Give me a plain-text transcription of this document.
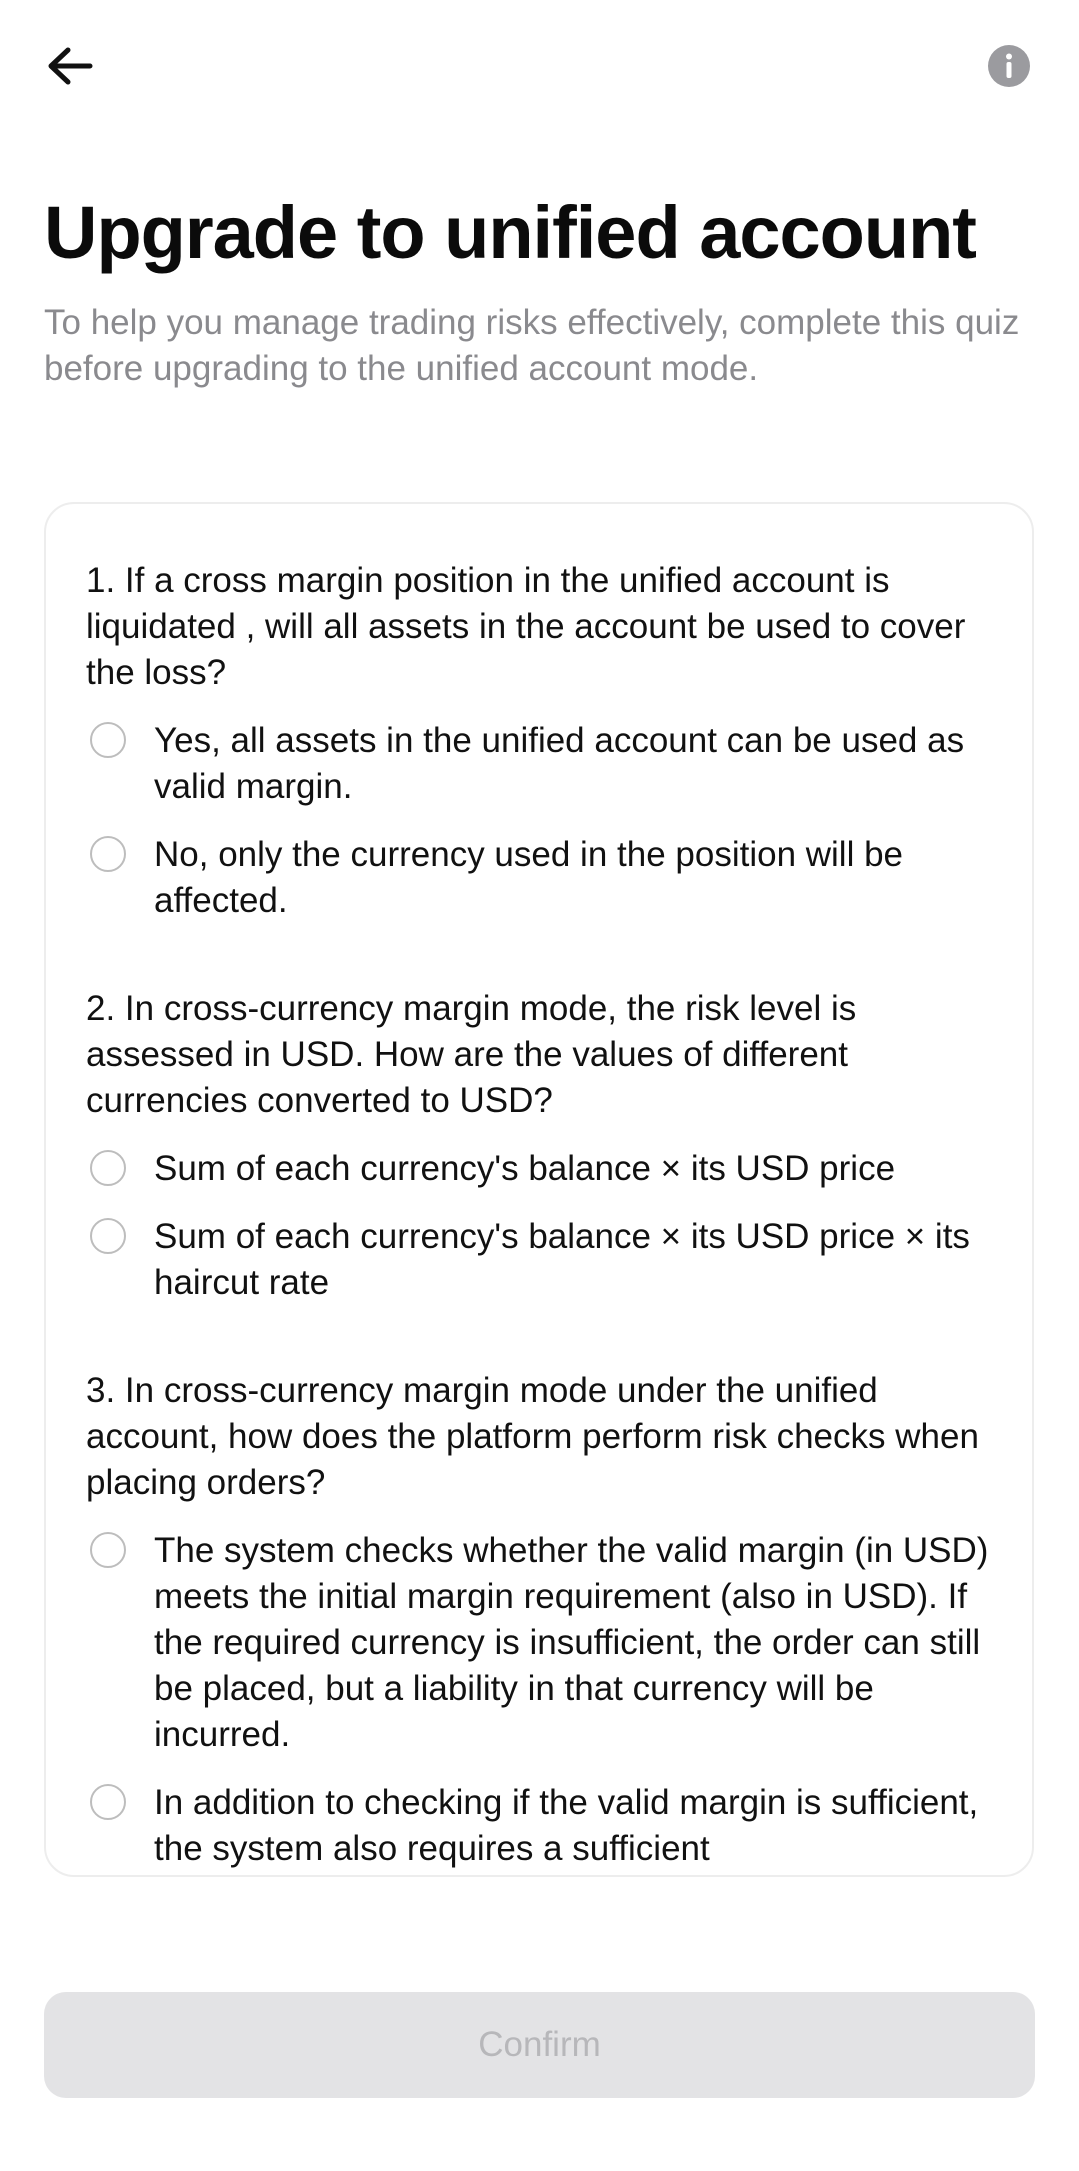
Upgrade to unified account

To help you manage trading risks effectively, complete this quiz before upgrading to the unified account mode.

1. If a cross margin position in the unified account is liquidated , will all assets in the account be used to cover the loss?
Yes, all assets in the unified account can be used as valid margin.
No, only the currency used in the position will be affected.
2. In cross-currency margin mode, the risk level is assessed in USD. How are the values of different currencies converted to USD?
Sum of each currency's balance × its USD price
Sum of each currency's balance × its USD price × its haircut rate
3. In cross-currency margin mode under the unified account, how does the platform perform risk checks when placing orders?
The system checks whether the valid margin (in USD) meets the initial margin requirement (also in USD). If the required currency is insufficient, the order can still be placed, but a liability in that currency will be incurred.
In addition to checking if the valid margin is sufficient, the system also requires a sufficient
Confirm
